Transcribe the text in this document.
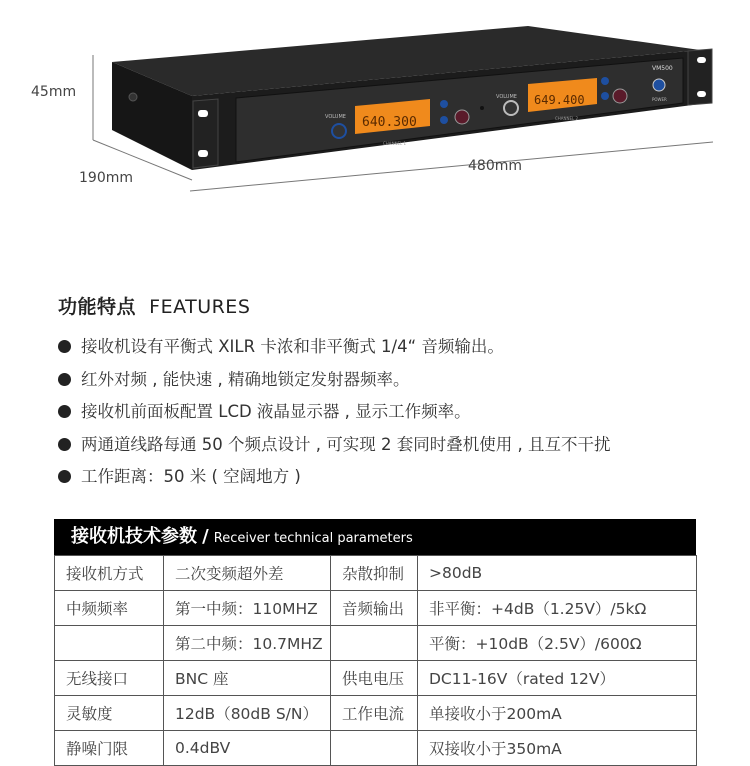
VOLUME 640.300
CHANNEL 1
VOLUME 649.400
CHANNEL 2
VM500
POWER
45mm
190mm
480mm
功能特点 FEATURES
接收机设有平衡式 XILR 卡浓和非平衡式 1/4“ 音频输出。
红外对频 , 能快速 , 精确地锁定发射器频率。
接收机前面板配置 LCD 液晶显示器 , 显示工作频率。
两通道线路每通 50 个频点设计 , 可实现 2 套同时叠机使用 , 且互不干扰
工作距离：50 米 ( 空阔地方 )
接收机技术参数 / Receiver technical parameters
接收机方式	二次变频超外差	杂散抑制	>80dB
中频频率	第一中频：110MHZ	音频输出	非平衡：+4dB（1.25V）/5kΩ
	第二中频：10.7MHZ		平衡：+10dB（2.5V）/600Ω
无线接口	BNC 座	供电电压	DC11-16V（rated 12V）
灵敏度	12dB（80dB S/N）	工作电流	单接收小于200mA
静噪门限	0.4dBV		双接收小于350mA
